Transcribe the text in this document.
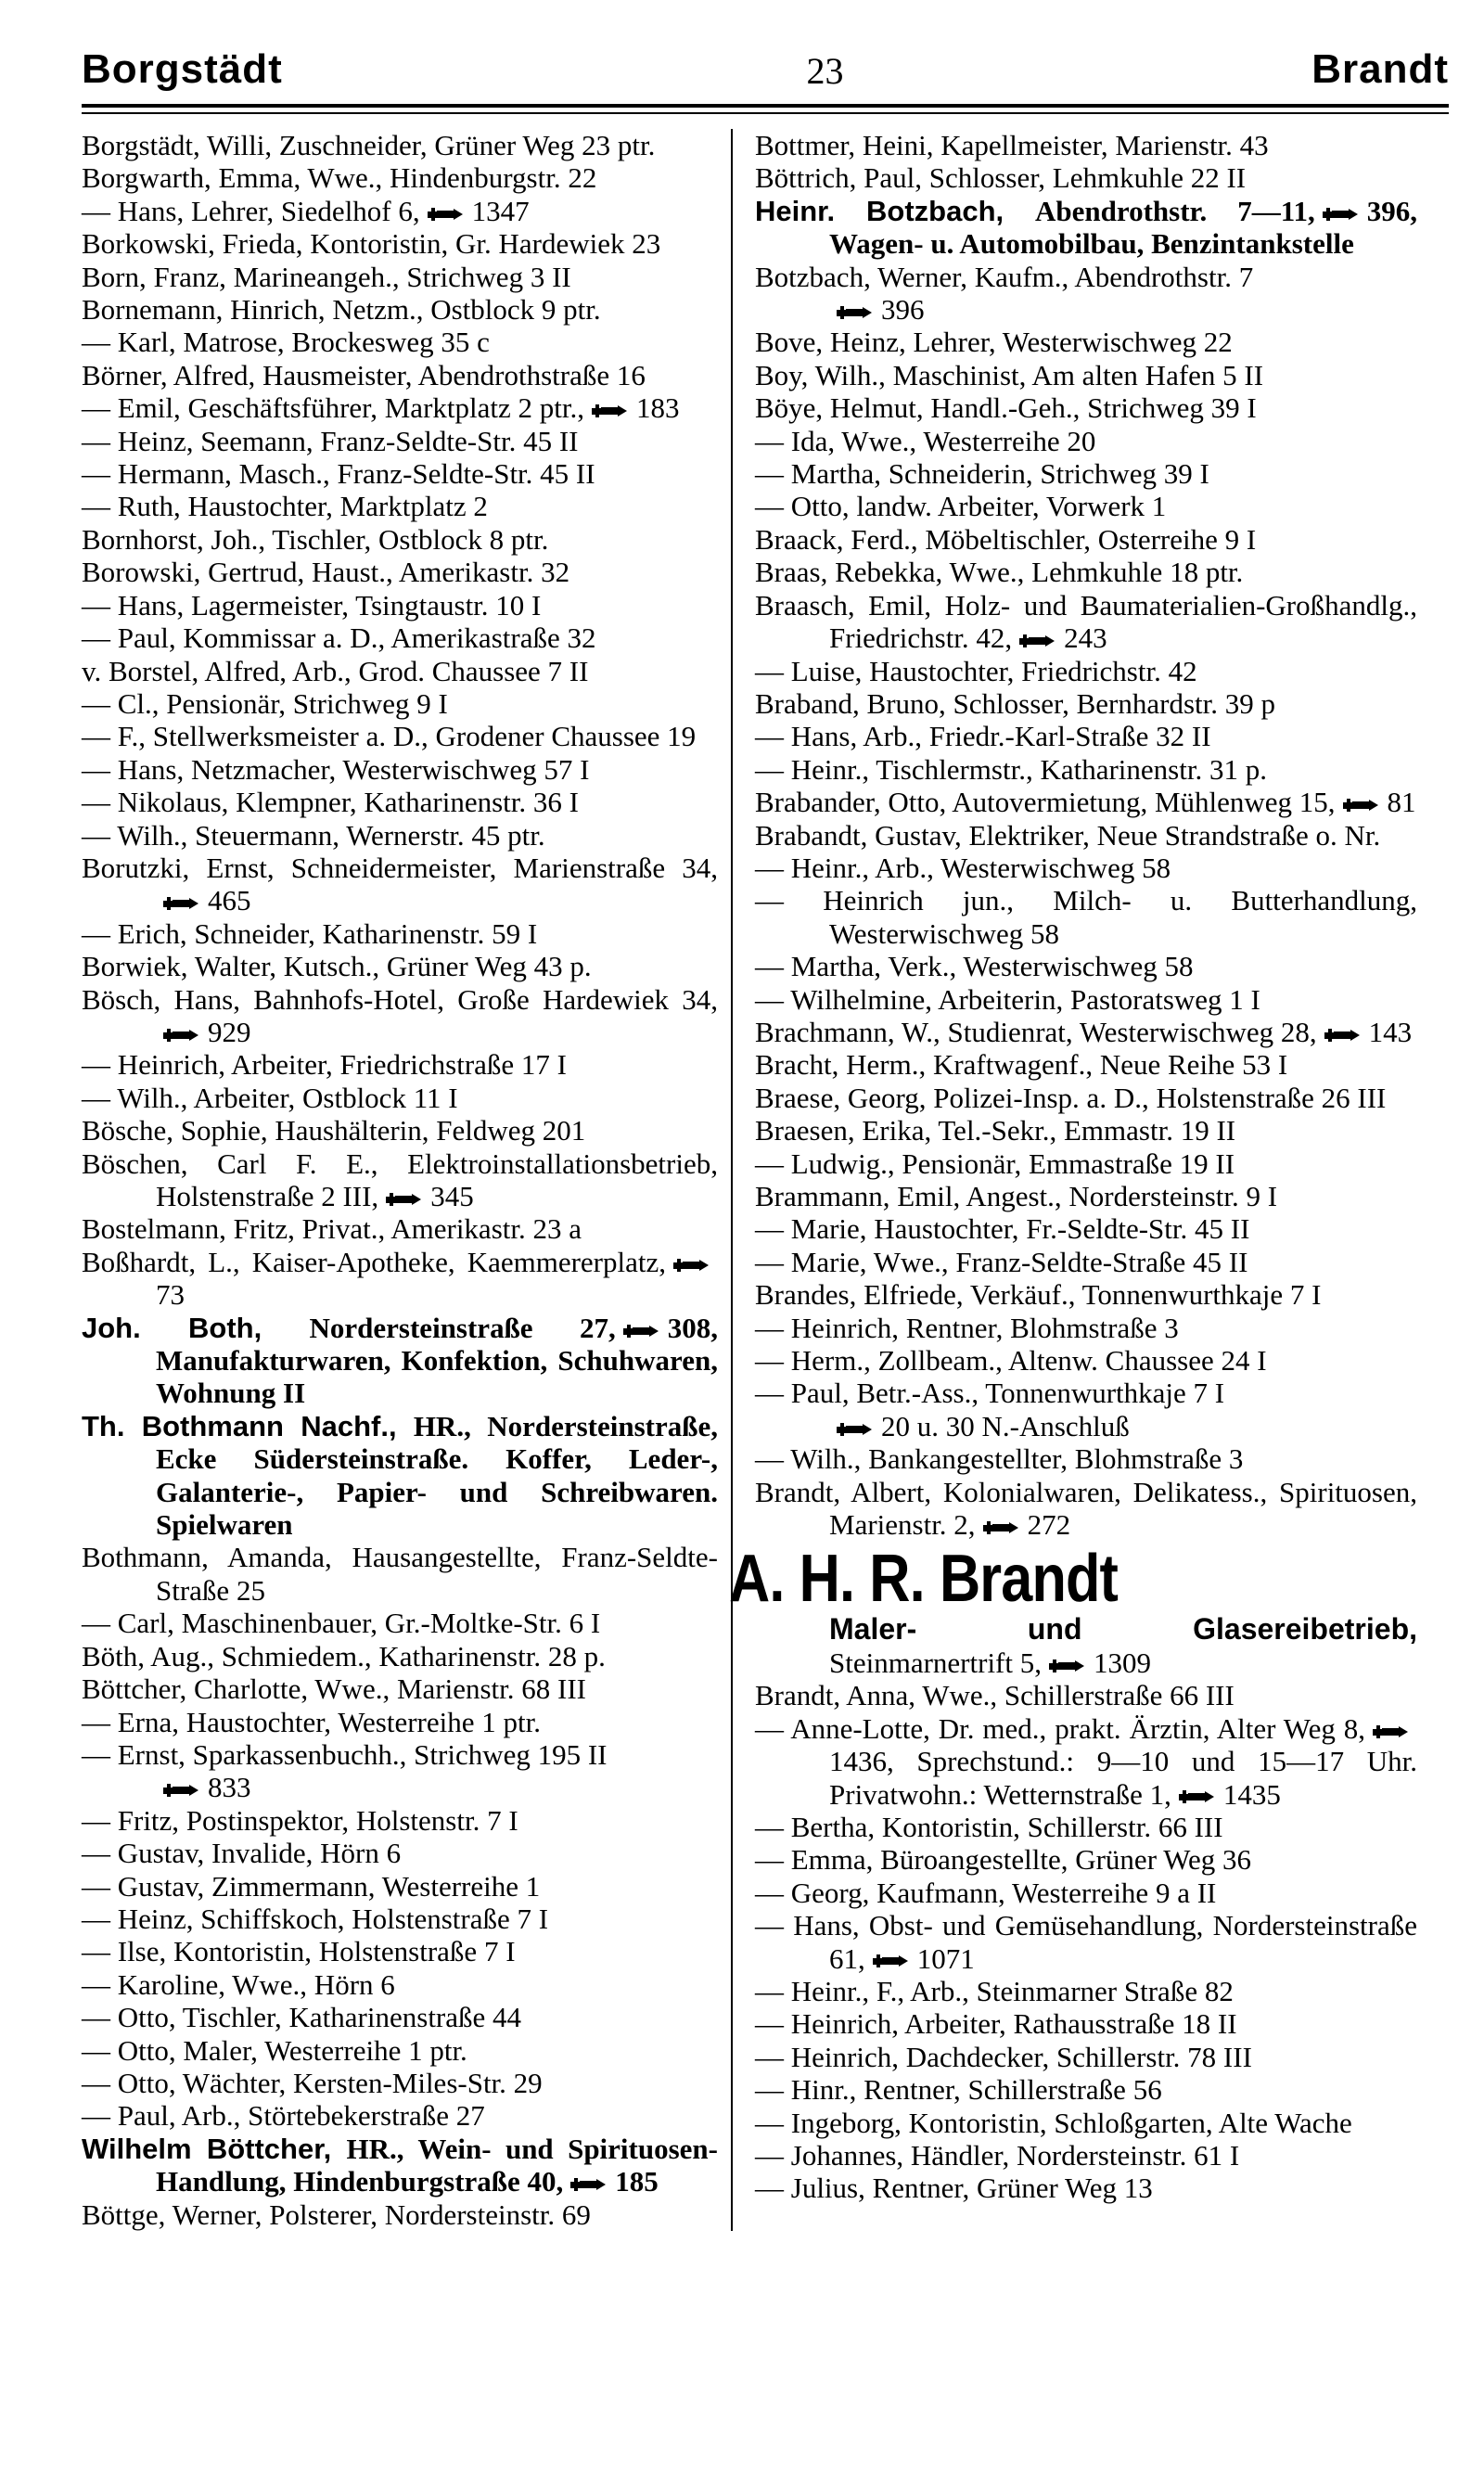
Borgstädt	23	Brandt
Borgstädt, Willi, Zuschneider, Grüner Weg 23 ptr.
Borgwarth, Emma, Wwe., Hindenburgstr. 22
— Hans, Lehrer, Siedelhof 6, 1347
Borkowski, Frieda, Kontoristin, Gr. Hardewiek 23
Born, Franz, Marineangeh., Strichweg 3 II
Bornemann, Hinrich, Netzm., Ostblock 9 ptr.
— Karl, Matrose, Brockesweg 35 c
Börner, Alfred, Hausmeister, Abendrothstraße 16
— Emil, Geschäftsführer, Marktplatz 2 ptr., 183
— Heinz, Seemann, Franz-Seldte-Str. 45 II
— Hermann, Masch., Franz-Seldte-Str. 45 II
— Ruth, Haustochter, Marktplatz 2
Bornhorst, Joh., Tischler, Ostblock 8 ptr.
Borowski, Gertrud, Haust., Amerikastr. 32
— Hans, Lagermeister, Tsingtaustr. 10 I
— Paul, Kommissar a. D., Amerikastraße 32
v. Borstel, Alfred, Arb., Grod. Chaussee 7 II
— Cl., Pensionär, Strichweg 9 I
— F., Stellwerksmeister a. D., Grodener Chaussee 19
— Hans, Netzmacher, Westerwischweg 57 I
— Nikolaus, Klempner, Katharinenstr. 36 I
— Wilh., Steuermann, Wernerstr. 45 ptr.
Borutzki, Ernst, Schneidermeister, Marienstraße 34,465
— Erich, Schneider, Katharinenstr. 59 I
Borwiek, Walter, Kutsch., Grüner Weg 43 p.
Bösch, Hans, Bahnhofs-Hotel, Große Hardewiek 34,929
— Heinrich, Arbeiter, Friedrichstraße 17 I
— Wilh., Arbeiter, Ostblock 11 I
Bösche, Sophie, Haushälterin, Feldweg 201
Böschen, Carl F. E., Elektroinstallationsbetrieb, Holstenstraße 2 III, 345
Bostelmann, Fritz, Privat., Amerikastr. 23 a
Boßhardt, L., Kaiser-Apotheke, Kaemmererplatz,73
Joh. Both, Nordersteinstraße 27, 308, Manufakturwaren, Konfektion, Schuhwaren, Wohnung II
Th. Bothmann Nachf., HR., Nordersteinstraße, Ecke Südersteinstraße. Koffer, Leder-, Galanterie-, Papier- und Schreibwaren. Spielwaren
Bothmann, Amanda, Hausangestellte, Franz-Seldte-Straße 25
— Carl, Maschinenbauer, Gr.-Moltke-Str. 6 I
Böth, Aug., Schmiedem., Katharinenstr. 28 p.
Böttcher, Charlotte, Wwe., Marienstr. 68 III
— Erna, Haustochter, Westerreihe 1 ptr.
— Ernst, Sparkassenbuchh., Strichweg 195 II
833
— Fritz, Postinspektor, Holstenstr. 7 I
— Gustav, Invalide, Hörn 6
— Gustav, Zimmermann, Westerreihe 1
— Heinz, Schiffskoch, Holstenstraße 7 I
— Ilse, Kontoristin, Holstenstraße 7 I
— Karoline, Wwe., Hörn 6
— Otto, Tischler, Katharinenstraße 44
— Otto, Maler, Westerreihe 1 ptr.
— Otto, Wächter, Kersten-Miles-Str. 29
— Paul, Arb., Störtebekerstraße 27
Wilhelm Böttcher, HR., Wein- und Spirituosen-Handlung, Hindenburgstraße 40, 185
Böttge, Werner, Polsterer, Nordersteinstr. 69
Bottmer, Heini, Kapellmeister, Marienstr. 43
Böttrich, Paul, Schlosser, Lehmkuhle 22 II
Heinr. Botzbach, Abendrothstr. 7—11, 396, Wagen- u. Automobilbau, Benzintankstelle
Botzbach, Werner, Kaufm., Abendrothstr. 7
396
Bove, Heinz, Lehrer, Westerwischweg 22
Boy, Wilh., Maschinist, Am alten Hafen 5 II
Böye, Helmut, Handl.-Geh., Strichweg 39 I
— Ida, Wwe., Westerreihe 20
— Martha, Schneiderin, Strichweg 39 I
— Otto, landw. Arbeiter, Vorwerk 1
Braack, Ferd., Möbeltischler, Osterreihe 9 I
Braas, Rebekka, Wwe., Lehmkuhle 18 ptr.
Braasch, Emil, Holz- und Baumaterialien-Großhandlg., Friedrichstr. 42, 243
— Luise, Haustochter, Friedrichstr. 42
Braband, Bruno, Schlosser, Bernhardstr. 39 p
— Hans, Arb., Friedr.-Karl-Straße 32 II
— Heinr., Tischlermstr., Katharinenstr. 31 p.
Brabander, Otto, Autovermietung, Mühlenweg 15, 81
Brabandt, Gustav, Elektriker, Neue Strandstraße o. Nr.
— Heinr., Arb., Westerwischweg 58
— Heinrich jun., Milch- u. Butterhandlung, Westerwischweg 58
— Martha, Verk., Westerwischweg 58
— Wilhelmine, Arbeiterin, Pastoratsweg 1 I
Brachmann, W., Studienrat, Westerwischweg 28, 143
Bracht, Herm., Kraftwagenf., Neue Reihe 53 I
Braese, Georg, Polizei-Insp. a. D., Holstenstraße 26 III
Braesen, Erika, Tel.-Sekr., Emmastr. 19 II
— Ludwig., Pensionär, Emmastraße 19 II
Brammann, Emil, Angest., Nordersteinstr. 9 I
— Marie, Haustochter, Fr.-Seldte-Str. 45 II
— Marie, Wwe., Franz-Seldte-Straße 45 II
Brandes, Elfriede, Verkäuf., Tonnenwurthkaje 7 I
— Heinrich, Rentner, Blohmstraße 3
— Herm., Zollbeam., Altenw. Chaussee 24 I
— Paul, Betr.-Ass., Tonnenwurthkaje 7 I
20 u. 30 N.-Anschluß
— Wilh., Bankangestellter, Blohmstraße 3
Brandt, Albert, Kolonialwaren, Delikatess., Spirituosen, Marienstr. 2, 272
A. H. R. Brandt
Maler- und Glasereibetrieb,
Steinmarnertrift 5, 1309
Brandt, Anna, Wwe., Schillerstraße 66 III
— Anne-Lotte, Dr. med., prakt. Ärztin, Alter Weg 8,1436, Sprechstund.: 9—10 und 15—17 Uhr. Privatwohn.: Wetternstraße 1, 1435
— Bertha, Kontoristin, Schillerstr. 66 III
— Emma, Büroangestellte, Grüner Weg 36
— Georg, Kaufmann, Westerreihe 9 a II
— Hans, Obst- und Gemüsehandlung, Nordersteinstraße 61, 1071
— Heinr., F., Arb., Steinmarner Straße 82
— Heinrich, Arbeiter, Rathausstraße 18 II
— Heinrich, Dachdecker, Schillerstr. 78 III
— Hinr., Rentner, Schillerstraße 56
— Ingeborg, Kontoristin, Schloßgarten, Alte Wache
— Johannes, Händler, Nordersteinstr. 61 I
— Julius, Rentner, Grüner Weg 13
